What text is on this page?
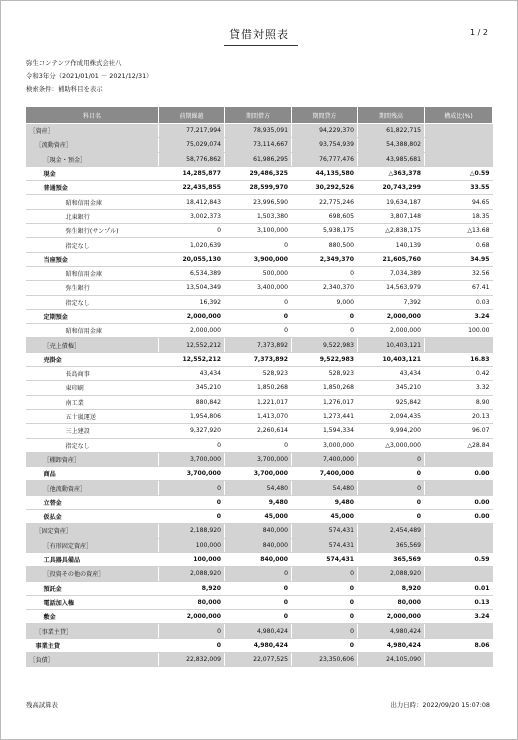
貸借対照表	1 / 2
弥生コンテンツ作成用株式会社八
令和3年分（2021/01/01 － 2021/12/31）
検索条件：補助科目を表示
科目名	前期繰越	期間借方	期間貸方	期間残高	構成比(%)
［資産］	77,217,994	78,935,091	94,229,370	61,822,715	
［流動資産］	75,029,074	73,114,667	93,754,939	54,388,802	
［現金・預金］	58,776,862	61,986,295	76,777,476	43,985,681	
現金	14,285,877	29,486,325	44,135,580	△363,378	△0.59
普通預金	22,435,855	28,599,970	30,292,526	20,743,299	33.55
昭和信用金庫	18,412,843	23,996,590	22,775,246	19,634,187	94.65
北東銀行	3,002,373	1,503,380	698,605	3,807,148	18.35
弥生銀行(サンプル)	0	3,100,000	5,938,175	△2,838,175	△13.68
指定なし	1,020,639	0	880,500	140,139	0.68
当座預金	20,055,130	3,900,000	2,349,370	21,605,760	34.95
昭和信用金庫	6,534,389	500,000	0	7,034,389	32.56
弥生銀行	13,504,349	3,400,000	2,340,370	14,563,979	67.41
指定なし	16,392	0	9,000	7,392	0.03
定期預金	2,000,000	0	0	2,000,000	3.24
昭和信用金庫	2,000,000	0	0	2,000,000	100.00
［売上債権］	12,552,212	7,373,892	9,522,983	10,403,121	
売掛金	12,552,212	7,373,892	9,522,983	10,403,121	16.83
長島商事	43,434	528,923	528,923	43,434	0.42
東印刷	345,210	1,850,268	1,850,268	345,210	3.32
南工業	880,842	1,221,017	1,276,017	925,842	8.90
五十嵐運送	1,954,806	1,413,070	1,273,441	2,094,435	20.13
三上建設	9,327,920	2,260,614	1,594,334	9,994,200	96.07
指定なし	0	0	3,000,000	△3,000,000	△28.84
［棚卸資産］	3,700,000	3,700,000	7,400,000	0	
商品	3,700,000	3,700,000	7,400,000	0	0.00
［他流動資産］	0	54,480	54,480	0	
立替金	0	9,480	9,480	0	0.00
仮払金	0	45,000	45,000	0	0.00
［固定資産］	2,188,920	840,000	574,431	2,454,489	
［有形固定資産］	100,000	840,000	574,431	365,569	
工具器具備品	100,000	840,000	574,431	365,569	0.59
［投資その他の資産］	2,088,920	0	0	2,088,920	
預託金	8,920	0	0	8,920	0.01
電話加入権	80,000	0	0	80,000	0.13
敷金	2,000,000	0	0	2,000,000	3.24
［事業主貸］	0	4,980,424	0	4,980,424	
事業主貸	0	4,980,424	0	4,980,424	8.06
［負債］	22,832,009	22,077,525	23,350,606	24,105,090	
残高試算表	出力日時：2022/09/20 15:07:08
